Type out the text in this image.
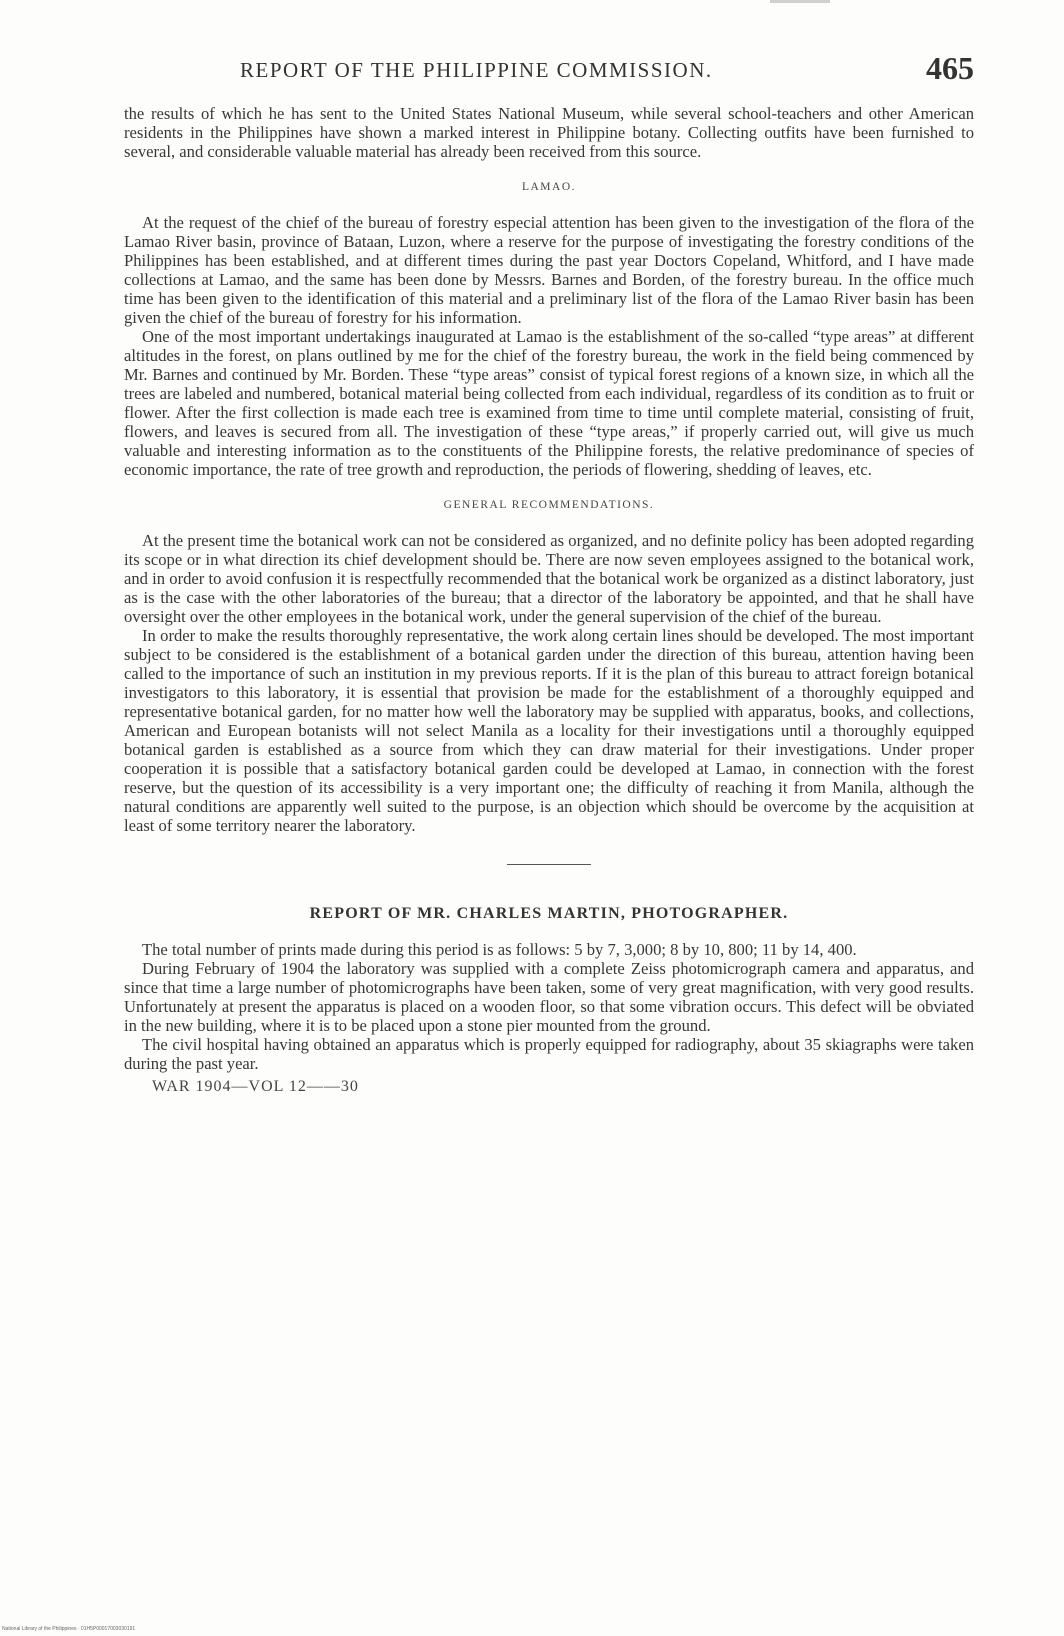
REPORT OF THE PHILIPPINE COMMISSION.	465

the results of which he has sent to the United States National Museum, while several school-teachers and other American residents in the Philippines have shown a marked interest in Philippine botany. Collecting outfits have been furnished to several, and considerable valuable material has already been received from this source.

LAMAO.

At the request of the chief of the bureau of forestry especial attention has been given to the investigation of the flora of the Lamao River basin, province of Bataan, Luzon, where a reserve for the purpose of investigating the forestry conditions of the Philippines has been established, and at different times during the past year Doctors Copeland, Whitford, and I have made collections at Lamao, and the same has been done by Messrs. Barnes and Borden, of the forestry bureau. In the office much time has been given to the identification of this material and a preliminary list of the flora of the Lamao River basin has been given the chief of the bureau of forestry for his information.

One of the most important undertakings inaugurated at Lamao is the establishment of the so-called “type areas” at different altitudes in the forest, on plans outlined by me for the chief of the forestry bureau, the work in the field being commenced by Mr. Barnes and continued by Mr. Borden. These “type areas” consist of typical forest regions of a known size, in which all the trees are labeled and numbered, botanical material being collected from each individual, regardless of its condition as to fruit or flower. After the first collection is made each tree is examined from time to time until complete material, consisting of fruit, flowers, and leaves is secured from all. The investigation of these “type areas,” if properly carried out, will give us much valuable and interesting information as to the constituents of the Philippine forests, the relative predominance of species of economic importance, the rate of tree growth and reproduction, the periods of flowering, shedding of leaves, etc.

GENERAL RECOMMENDATIONS.

At the present time the botanical work can not be considered as organized, and no definite policy has been adopted regarding its scope or in what direction its chief development should be. There are now seven employees assigned to the botanical work, and in order to avoid confusion it is respectfully recommended that the botanical work be organized as a distinct laboratory, just as is the case with the other laboratories of the bureau; that a director of the laboratory be appointed, and that he shall have oversight over the other employees in the botanical work, under the general supervision of the chief of the bureau.

In order to make the results thoroughly representative, the work along certain lines should be developed. The most important subject to be considered is the establishment of a botanical garden under the direction of this bureau, attention having been called to the importance of such an institution in my previous reports. If it is the plan of this bureau to attract foreign botanical investigators to this laboratory, it is essential that provision be made for the establishment of a thoroughly equipped and representative botanical garden, for no matter how well the laboratory may be supplied with apparatus, books, and collections, American and European botanists will not select Manila as a locality for their investigations until a thoroughly equipped botanical garden is established as a source from which they can draw material for their investigations. Under proper cooperation it is possible that a satisfactory botanical garden could be developed at Lamao, in connection with the forest reserve, but the question of its accessibility is a very important one; the difficulty of reaching it from Manila, although the natural conditions are apparently well suited to the purpose, is an objection which should be overcome by the acquisition at least of some territory nearer the laboratory.

REPORT OF MR. CHARLES MARTIN, PHOTOGRAPHER.

The total number of prints made during this period is as follows: 5 by 7, 3,000; 8 by 10, 800; 11 by 14, 400.

During February of 1904 the laboratory was supplied with a complete Zeiss photomicrograph camera and apparatus, and since that time a large number of photomicrographs have been taken, some of very great magnification, with very good results. Unfortunately at present the apparatus is placed on a wooden floor, so that some vibration occurs. This defect will be obviated in the new building, where it is to be placed upon a stone pier mounted from the ground.

The civil hospital having obtained an apparatus which is properly equipped for radiography, about 35 skiagraphs were taken during the past year.

WAR 1904—VOL 12——30
National Library of the Philippines · 01H5P00017003030191
